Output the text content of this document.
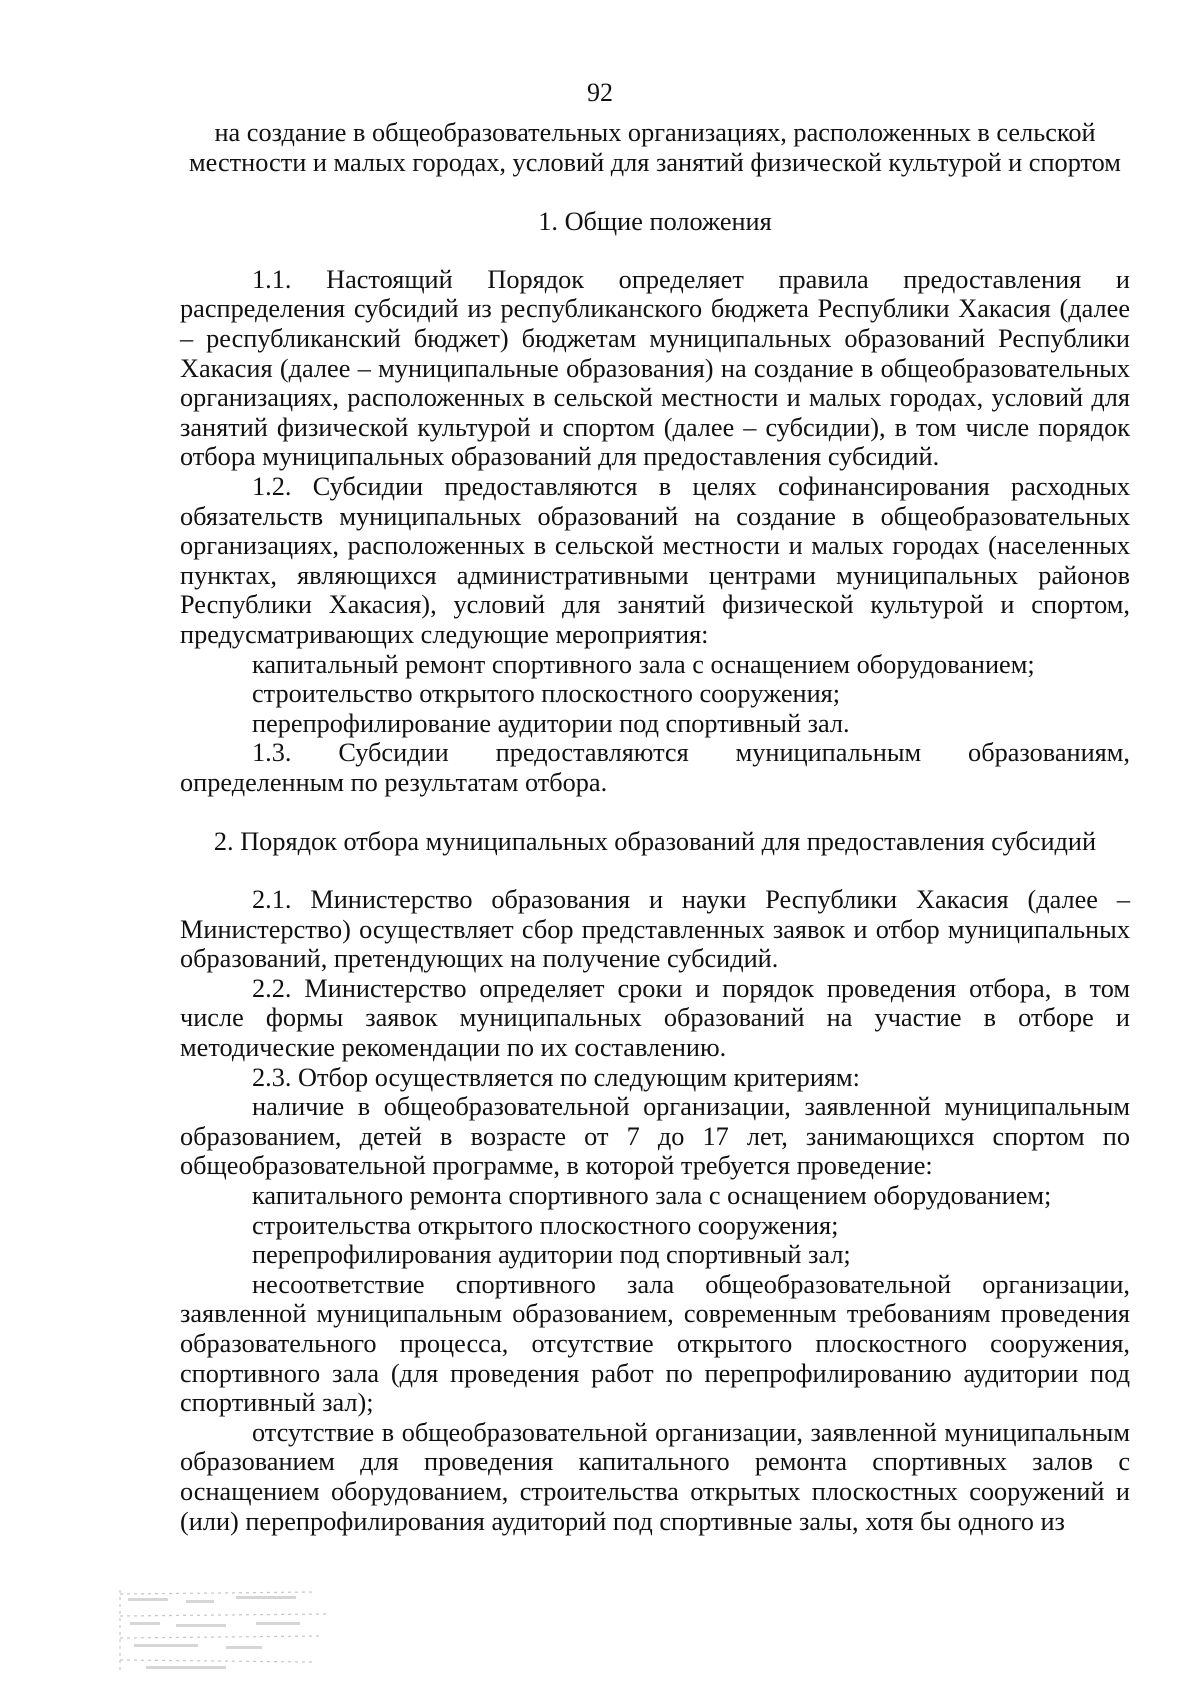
92
на создание в общеобразовательных организациях, расположенных в сельской
местности и малых городах, условий для занятий физической культурой и спортом
1. Общие положения

1.1. Настоящий Порядок определяет правила предоставления и распределения субсидий из республиканского бюджета Республики Хакасия (далее – республиканский бюджет) бюджетам муниципальных образований Республики Хакасия (далее – муниципальные образования) на создание в общеобразовательных организациях, расположенных в сельской местности и малых городах, условий для занятий физической культурой и спортом (далее – субсидии), в том числе порядок отбора муниципальных образований для предоставления субсидий.

1.2. Субсидии предоставляются в целях софинансирования расходных обязательств муниципальных образований на создание в общеобразовательных организациях, расположенных в сельской местности и малых городах (населенных пунктах, являющихся административными центрами муниципальных районов Республики Хакасия), условий для занятий физической культурой и спортом, предусматривающих следующие мероприятия:

капитальный ремонт спортивного зала с оснащением оборудованием;

строительство открытого плоскостного сооружения;

перепрофилирование аудитории под спортивный зал.

1.3. Субсидии предоставляются муниципальным образованиям, определенным по результатам отбора.

2. Порядок отбора муниципальных образований для предоставления субсидий

2.1. Министерство образования и науки Республики Хакасия (далее – Министерство) осуществляет сбор представленных заявок и отбор муниципальных образований, претендующих на получение субсидий.

2.2. Министерство определяет сроки и порядок проведения отбора, в том числе формы заявок муниципальных образований на участие в отборе и методические рекомендации по их составлению.

2.3. Отбор осуществляется по следующим критериям:

наличие в общеобразовательной организации, заявленной муниципальным образованием, детей в возрасте от 7 до 17 лет, занимающихся спортом по общеобразовательной программе, в которой требуется проведение:

капитального ремонта спортивного зала с оснащением оборудованием;

строительства открытого плоскостного сооружения;

перепрофилирования аудитории под спортивный зал;

несоответствие спортивного зала общеобразовательной организации, заявленной муниципальным образованием, современным требованиям проведения образовательного процесса, отсутствие открытого плоскостного сооружения, спортивного зала (для проведения работ по перепрофилированию аудитории под спортивный зал);

отсутствие в общеобразовательной организации, заявленной муниципальным образованием для проведения капитального ремонта спортивных залов с оснащением оборудованием, строительства открытых плоскостных сооружений и (или) перепрофилирования аудиторий под спортивные залы, хотя бы одного из
